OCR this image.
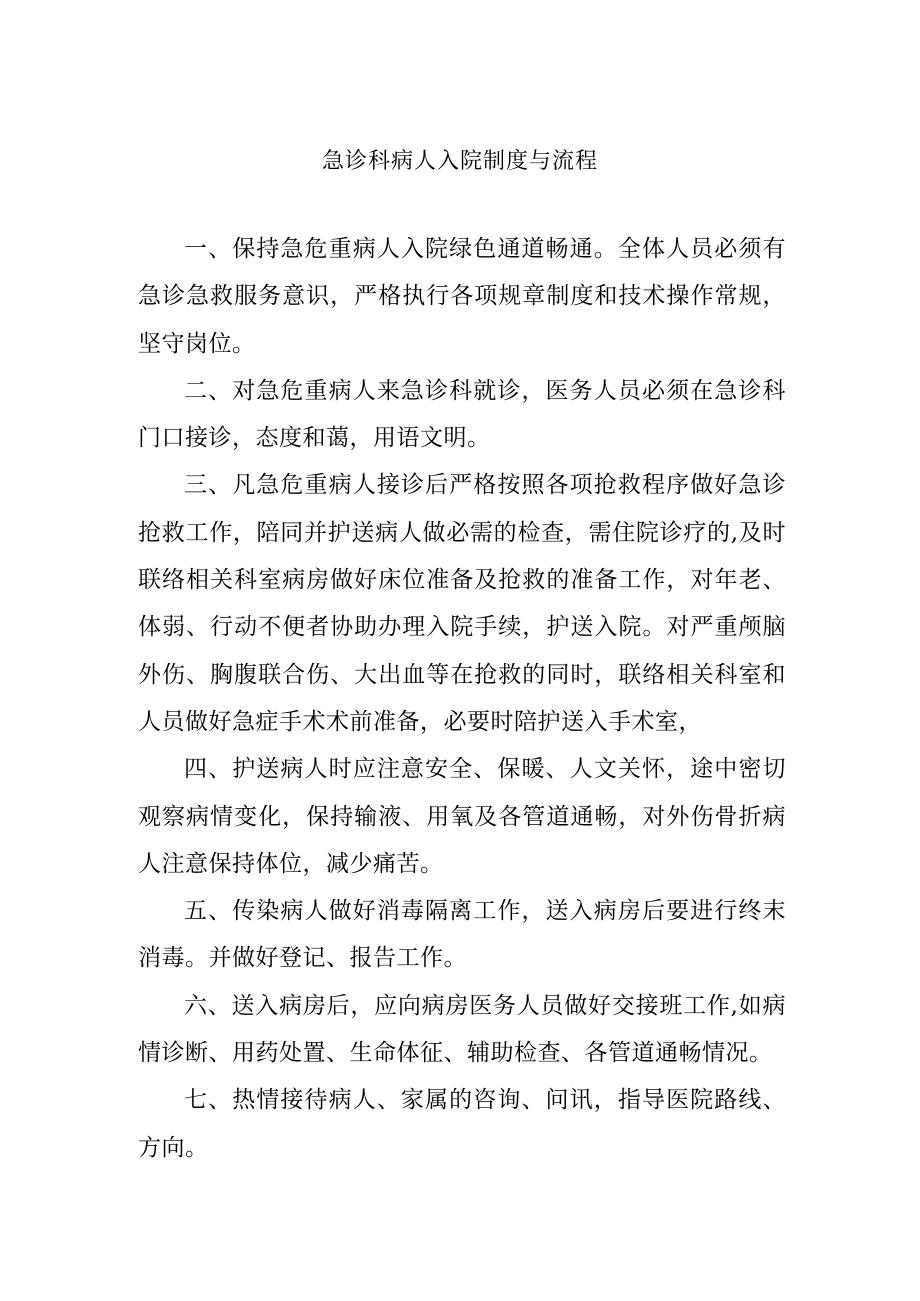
急诊科病人入院制度与流程

一、保持急危重病人入院绿色通道畅通。全体人员必须有急诊急救服务意识，严格执行各项规章制度和技术操作常规，坚守岗位。

二、对急危重病人来急诊科就诊，医务人员必须在急诊科门口接诊，态度和蔼，用语文明。

三、凡急危重病人接诊后严格按照各项抢救程序做好急诊抢救工作，陪同并护送病人做必需的检查，需住院诊疗的,及时联络相关科室病房做好床位准备及抢救的准备工作，对年老、体弱、行动不便者协助办理入院手续，护送入院。对严重颅脑外伤、胸腹联合伤、大出血等在抢救的同时，联络相关科室和人员做好急症手术术前准备，必要时陪护送入手术室，

四、护送病人时应注意安全、保暖、人文关怀，途中密切观察病情变化，保持输液、用氧及各管道通畅，对外伤骨折病人注意保持体位，减少痛苦。

五、传染病人做好消毒隔离工作，送入病房后要进行终末消毒。并做好登记、报告工作。

六、送入病房后，应向病房医务人员做好交接班工作,如病情诊断、用药处置、生命体征、辅助检查、各管道通畅情况。

七、热情接待病人、家属的咨询、问讯，指导医院路线、方向。
